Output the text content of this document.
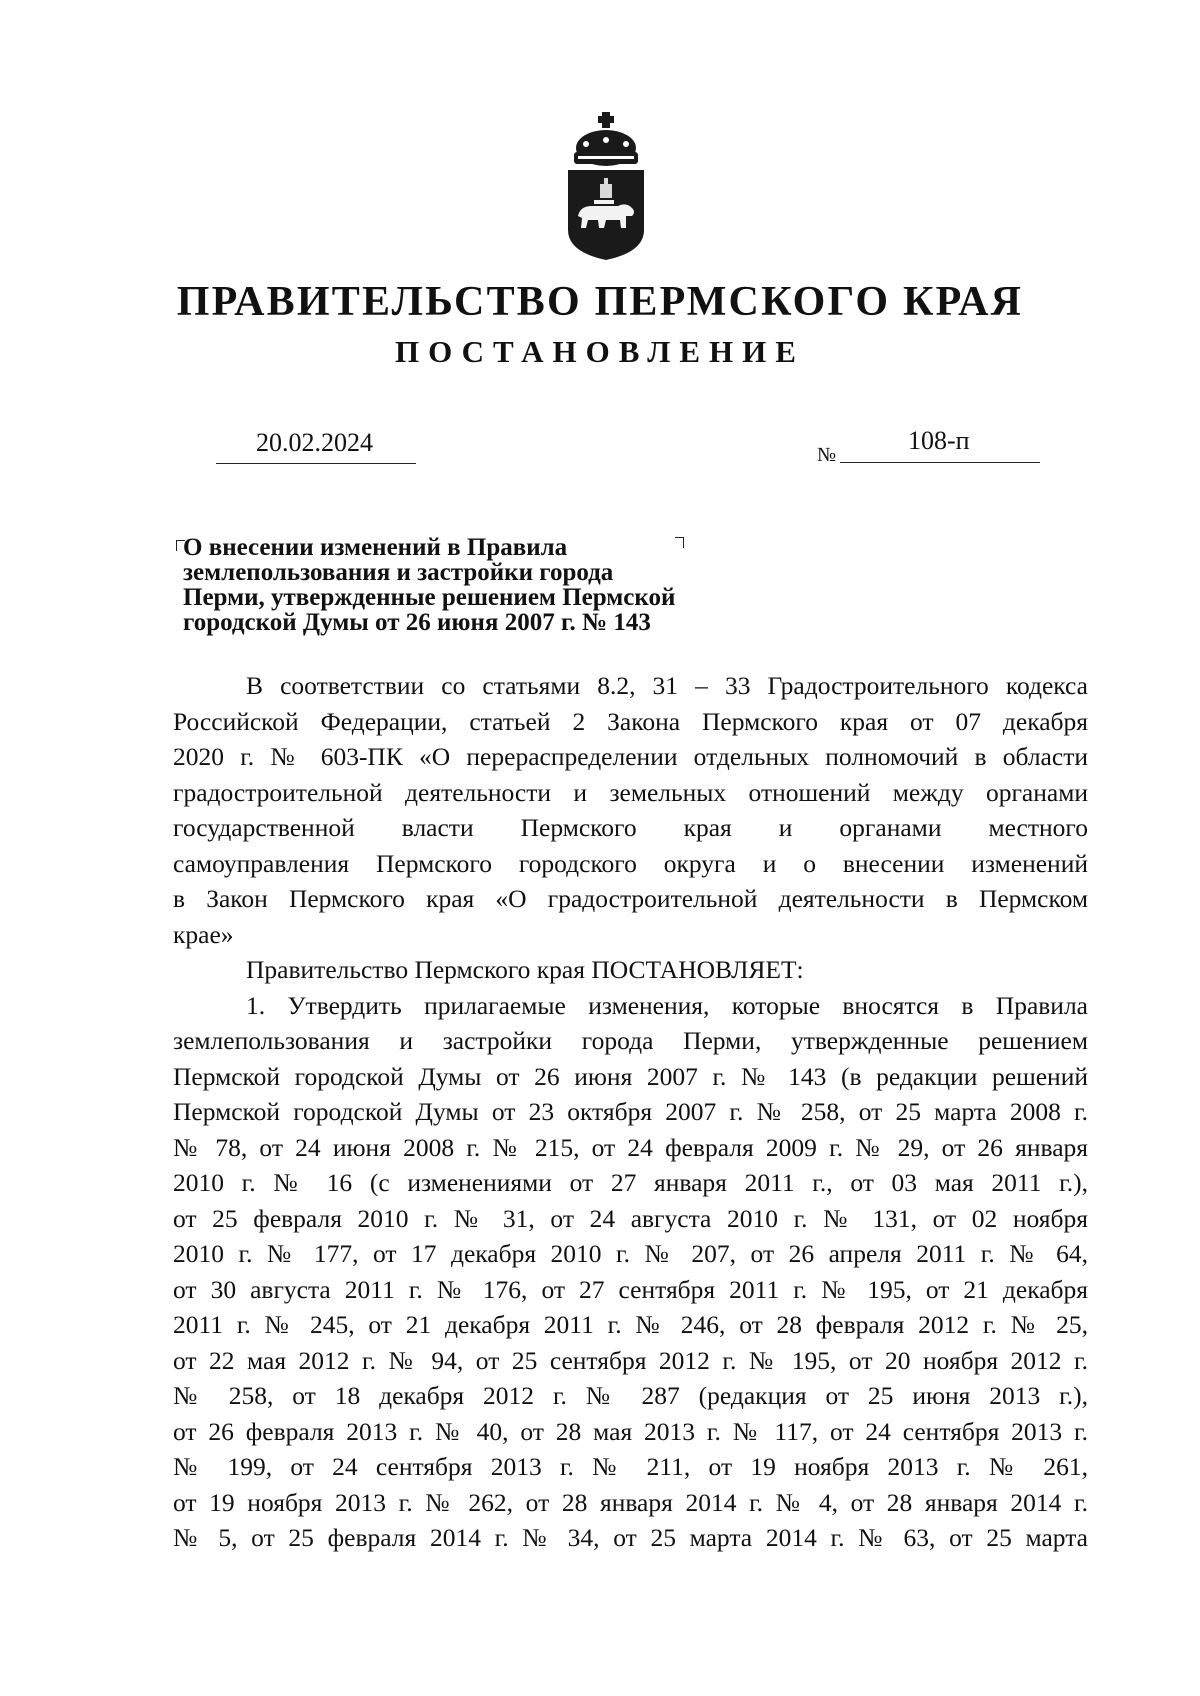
ПРАВИТЕЛЬСТВО ПЕРМСКОГО КРАЯ
ПОСТАНОВЛЕНИЕ
20.02.2024	№	108-п
О внесении изменений в Правила
землепользования и застройки города
Перми, утвержденные решением Пермской
городской Думы от 26 июня 2007 г. № 143
В соответствии со статьями 8.2, 31 – 33 Градостроительного кодекса
Российской Федерации, статьей 2 Закона Пермского края от 07 декабря
2020 г. № 603-ПК «О перераспределении отдельных полномочий в области
градостроительной деятельности и земельных отношений между органами
государственной власти Пермского края и органами местного
самоуправления Пермского городского округа и о внесении изменений
в Закон Пермского края «О градостроительной деятельности в Пермском
крае»
Правительство Пермского края ПОСТАНОВЛЯЕТ:
1. Утвердить прилагаемые изменения, которые вносятся в Правила
землепользования и застройки города Перми, утвержденные решением
Пермской городской Думы от 26 июня 2007 г. № 143 (в редакции решений
Пермской городской Думы от 23 октября 2007 г. № 258, от 25 марта 2008 г.
№ 78, от 24 июня 2008 г. № 215, от 24 февраля 2009 г. № 29, от 26 января
2010 г. № 16 (с изменениями от 27 января 2011 г., от 03 мая 2011 г.),
от 25 февраля 2010 г. № 31, от 24 августа 2010 г. № 131, от 02 ноября
2010 г. № 177, от 17 декабря 2010 г. № 207, от 26 апреля 2011 г. № 64,
от 30 августа 2011 г. № 176, от 27 сентября 2011 г. № 195, от 21 декабря
2011 г. № 245, от 21 декабря 2011 г. № 246, от 28 февраля 2012 г. № 25,
от 22 мая 2012 г. № 94, от 25 сентября 2012 г. № 195, от 20 ноября 2012 г.
№ 258, от 18 декабря 2012 г. № 287 (редакция от 25 июня 2013 г.),
от 26 февраля 2013 г. № 40, от 28 мая 2013 г. № 117, от 24 сентября 2013 г.
№ 199, от 24 сентября 2013 г. № 211, от 19 ноября 2013 г. № 261,
от 19 ноября 2013 г. № 262, от 28 января 2014 г. № 4, от 28 января 2014 г.
№ 5, от 25 февраля 2014 г. № 34, от 25 марта 2014 г. № 63, от 25 марта
